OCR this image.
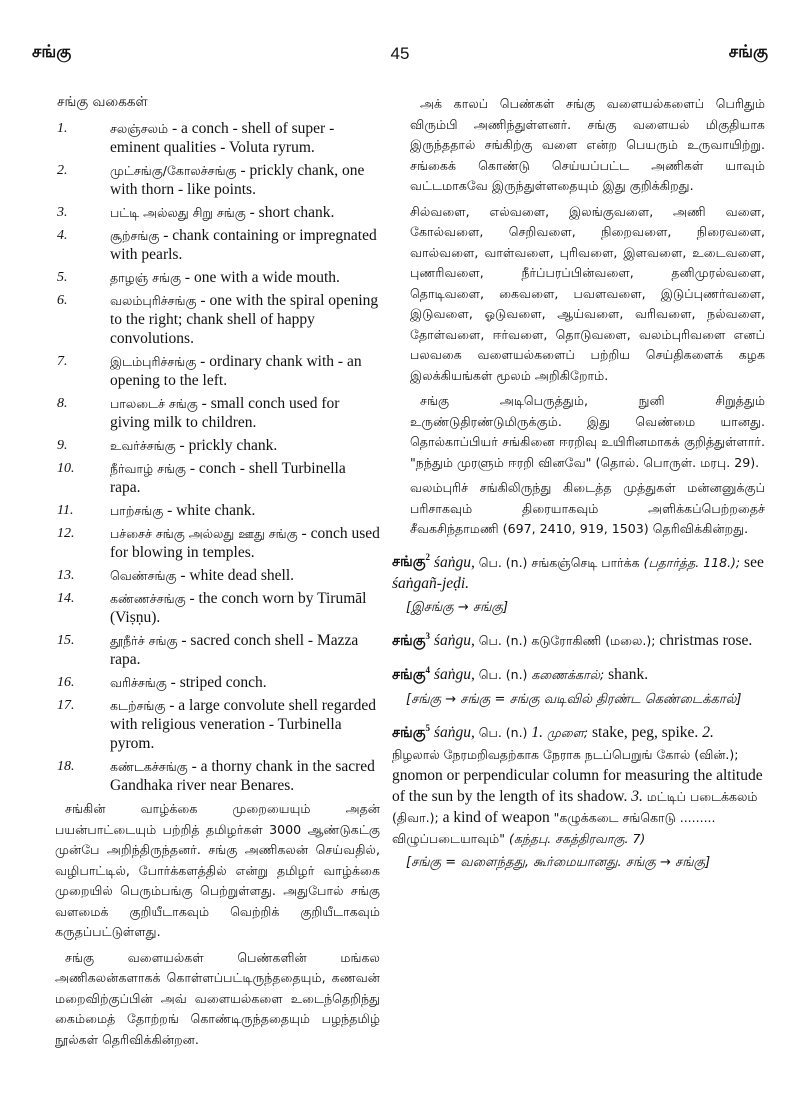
சங்கு	45	சங்கு
சங்கு வகைகள்
1.	சலஞ்சலம் - a conch - shell of super - eminent qualities - Voluta ryrum.
2.	முட்சங்கு/கோலச்சங்கு - prickly chank, one with thorn - like points.
3.	பட்டி அல்லது சிறு சங்கு - short chank.
4.	சூற்சங்கு - chank containing or impregnated with pearls.
5.	தாழஞ் சங்கு - one with a wide mouth.
6.	வலம்புரிச்சங்கு - one with the spiral opening to the right; chank shell of happy convolutions.
7.	இடம்புரிச்சங்கு - ordinary chank with - an opening to the left.
8.	பாலடைச் சங்கு - small conch used for giving milk to children.
9.	உவர்ச்சங்கு - prickly chank.
10.	நீர்வாழ் சங்கு - conch - shell Turbinella rapa.
11.	பாற்சங்கு - white chank.
12.	பச்சைச் சங்கு அல்லது ஊது சங்கு - conch used for blowing in temples.
13.	வெண்சங்கு - white dead shell.
14.	கண்ணச்சங்கு - the conch worn by Tirumāl (Viṣṇu).
15.	தூநீர்ச் சங்கு - sacred conch shell - Mazza rapa.
16.	வரிச்சங்கு - striped conch.
17.	கடற்சங்கு - a large convolute shell regarded with religious veneration - Turbinella pyrom.
18.	கண்டகச்சங்கு - a thorny chank in the sacred Gandhaka river near Benares.

சங்கின் வாழ்க்கை முறையையும் அதன் பயன்பாட்டையும் பற்றித் தமிழர்கள் 3000 ஆண்டுகட்கு முன்பே அறிந்திருந்தனர். சங்கு அணிகலன் செய்வதில், வழிபாட்டில், போர்க்களத்தில் என்று தமிழர் வாழ்க்கை முறையில் பெரும்பங்கு பெற்றுள்ளது. அதுபோல் சங்கு வளமைக் குறியீடாகவும் வெற்றிக் குறியீடாகவும் கருதப்பட்டுள்ளது.

சங்கு வளையல்கள் பெண்களின் மங்கல அணிகலன்களாகக் கொள்ளப்பட்டிருந்ததையும், கணவன் மறைவிற்குப்பின் அவ் வளையல்களை உடைந்தெறிந்து கைம்மைத் தோற்றங் கொண்டிருந்ததையும் பழந்தமிழ் நூல்கள் தெரிவிக்கின்றன.

அக் காலப் பெண்கள் சங்கு வளையல்களைப் பெரிதும் விரும்பி அணிந்துள்ளனர். சங்கு வளையல் மிகுதியாக இருந்ததால் சங்கிற்கு வளை என்ற பெயரும் உருவாயிற்று. சங்கைக் கொண்டு செய்யப்பட்ட அணிகள் யாவும் வட்டமாகவே இருந்துள்ளதையும் இது குறிக்கிறது.

சில்வளை, எல்வளை, இலங்குவளை, அணி வளை, கோல்வளை, செறிவளை, நிறைவளை, நிரைவளை, வால்வளை, வாள்வளை, புரிவளை, இளவளை, உடைவளை, புணரிவளை, நீர்ப்பரப்பின்வளை, தனிமுரல்வளை, தொடிவளை, கைவளை, பவளவளை, இடுப்புணர்வளை, இடுவளை, ஓடுவளை, ஆய்வளை, வரிவளை, நல்வளை, தோள்வளை, ஈர்வளை, தொடுவளை, வலம்புரிவளை எனப் பலவகை வளையல்களைப் பற்றிய செய்திகளைக் கழக இலக்கியங்கள் மூலம் அறிகிறோம்.

சங்கு அடிபெருத்தும், நுனி சிறுத்தும் உருண்டுதிரண்டுமிருக்கும். இது வெண்மை யானது. தொல்காப்பியர் சங்கினை ஈரறிவு உயிரினமாகக் குறித்துள்ளார். "நந்தும் முரளும் ஈரறி வினவே" (தொல். பொருள். மரபு. 29).

வலம்புரிச் சங்கிலிருந்து கிடைத்த முத்துகள் மன்னனுக்குப் பரிசாகவும் திரையாகவும் அளிக்கப்பெற்றதைச் சீவகசிந்தாமணி (697, 2410, 919, 1503) தெரிவிக்கின்றது.

சங்கு$^2$ śaṅgu, பெ. (n.) சங்கஞ்செடி பார்க்க (பதார்த்த. 118.); see śaṅgañ-jeḍi.
[இசங்கு → சங்கு]
சங்கு$^3$ śaṅgu, பெ. (n.) கடுரோகிணி (மலை.); christmas rose.
சங்கு$^4$ śaṅgu, பெ. (n.) கணைக்கால்; shank.
[சங்கு → சங்கு = சங்கு வடிவில் திரண்ட கெண்டைக்கால்]
சங்கு$^5$ śaṅgu, பெ. (n.) 1. முளை; stake, peg, spike. 2. நிழலால் நேரமறிவதற்காக நேராக நடப்பெறுங் கோல் (வின்.); gnomon or perpendicular column for measuring the altitude of the sun by the length of its shadow. 3. மட்டிப் படைக்கலம் (திவா.); a kind of weapon "கழுக்கடை சங்கொடு ......... விழுப்படையாவும்" (கந்தபு. சகத்திரவாகு. 7)
[சங்கு = வளைந்தது, கூர்மையானது. சங்கு → சங்கு]
